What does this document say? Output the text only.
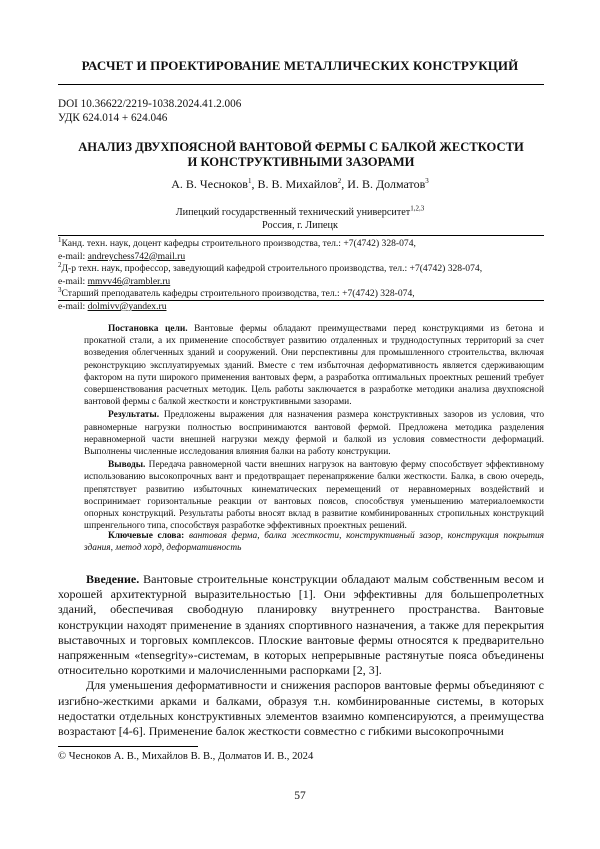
РАСЧЕТ И ПРОЕКТИРОВАНИЕ МЕТАЛЛИЧЕСКИХ КОНСТРУКЦИЙ
DOI 10.36622/2219-1038.2024.41.2.006
УДК 624.014 + 624.046
АНАЛИЗ ДВУХПОЯСНОЙ ВАНТОВОЙ ФЕРМЫ С БАЛКОЙ ЖЕСТКОСТИ
И КОНСТРУКТИВНЫМИ ЗАЗОРАМИ
А. В. Чесноков$^1$, В. В. Михайлов$^2$, И. В. Долматов$^3$
Липецкий государственный технический университет$^{1,2,3}$
Россия, г. Липецк
$^1$Канд. техн. наук, доцент кафедры строительного производства, тел.: +7(4742) 328-074,
e-mail: andreychess742@mail.ru
$^2$Д-р техн. наук, профессор, заведующий кафедрой строительного производства, тел.: +7(4742) 328-074,
e-mail: mmvv46@rambler.ru
$^3$Старший преподаватель кафедры строительного производства, тел.: +7(4742) 328-074,
e-mail: dolmivv@yandex.ru

Постановка цели. Вантовые фермы обладают преимуществами перед конструкциями из бетона и прокатной стали, а их применение способствует развитию отдаленных и труднодоступных территорий за счет возведения облегченных зданий и сооружений. Они перспективны для промышленного строительства, включая реконструкцию эксплуатируемых зданий. Вместе с тем избыточная деформативность является сдерживающим фактором на пути широкого применения вантовых ферм, а разработка оптимальных проектных решений требует совершенствования расчетных методик. Цель работы заключается в разработке методики анализа двухпоясной вантовой фермы с балкой жесткости и конструктивными зазорами.

Результаты. Предложены выражения для назначения размера конструктивных зазоров из условия, что равномерные нагрузки полностью воспринимаются вантовой фермой. Предложена методика разделения неравномерной части внешней нагрузки между фермой и балкой из условия совместности деформаций. Выполнены численные исследования влияния балки на работу конструкции.

Выводы. Передача равномерной части внешних нагрузок на вантовую ферму способствует эффективному использованию высокопрочных вант и предотвращает перенапряжение балки жесткости. Балка, в свою очередь, препятствует развитию избыточных кинематических перемещений от неравномерных воздействий и воспринимает горизонтальные реакции от вантовых поясов, способствуя уменьшению материалоемкости опорных конструкций. Результаты работы вносят вклад в развитие комбинированных стропильных конструкций шпренгельного типа, способствуя разработке эффективных проектных решений.

Ключевые слова: вантовая ферма, балка жесткости, конструктивный зазор, конструкция покрытия здания, метод хорд, деформативность

Введение. Вантовые строительные конструкции обладают малым собственным весом и хорошей архитектурной выразительностью [1]. Они эффективны для большепролетных зданий, обеспечивая свободную планировку внутреннего пространства. Вантовые конструкции находят применение в зданиях спортивного назначения, а также для перекрытия выставочных и торговых комплексов. Плоские вантовые фермы относятся к предварительно напряженным «tensegrity»-системам, в которых непрерывные растянутые пояса объединены относительно короткими и малочисленными распорками [2, 3].

Для уменьшения деформативности и снижения распоров вантовые фермы объединяют с изгибно-жесткими арками и балками, образуя т.н. комбинированные системы, в которых недостатки отдельных конструктивных элементов взаимно компенсируются, а преимущества возрастают [4-6]. Применение балок жесткости совместно с гибкими высокопрочными

© Чесноков А. В., Михайлов В. В., Долматов И. В., 2024
57
